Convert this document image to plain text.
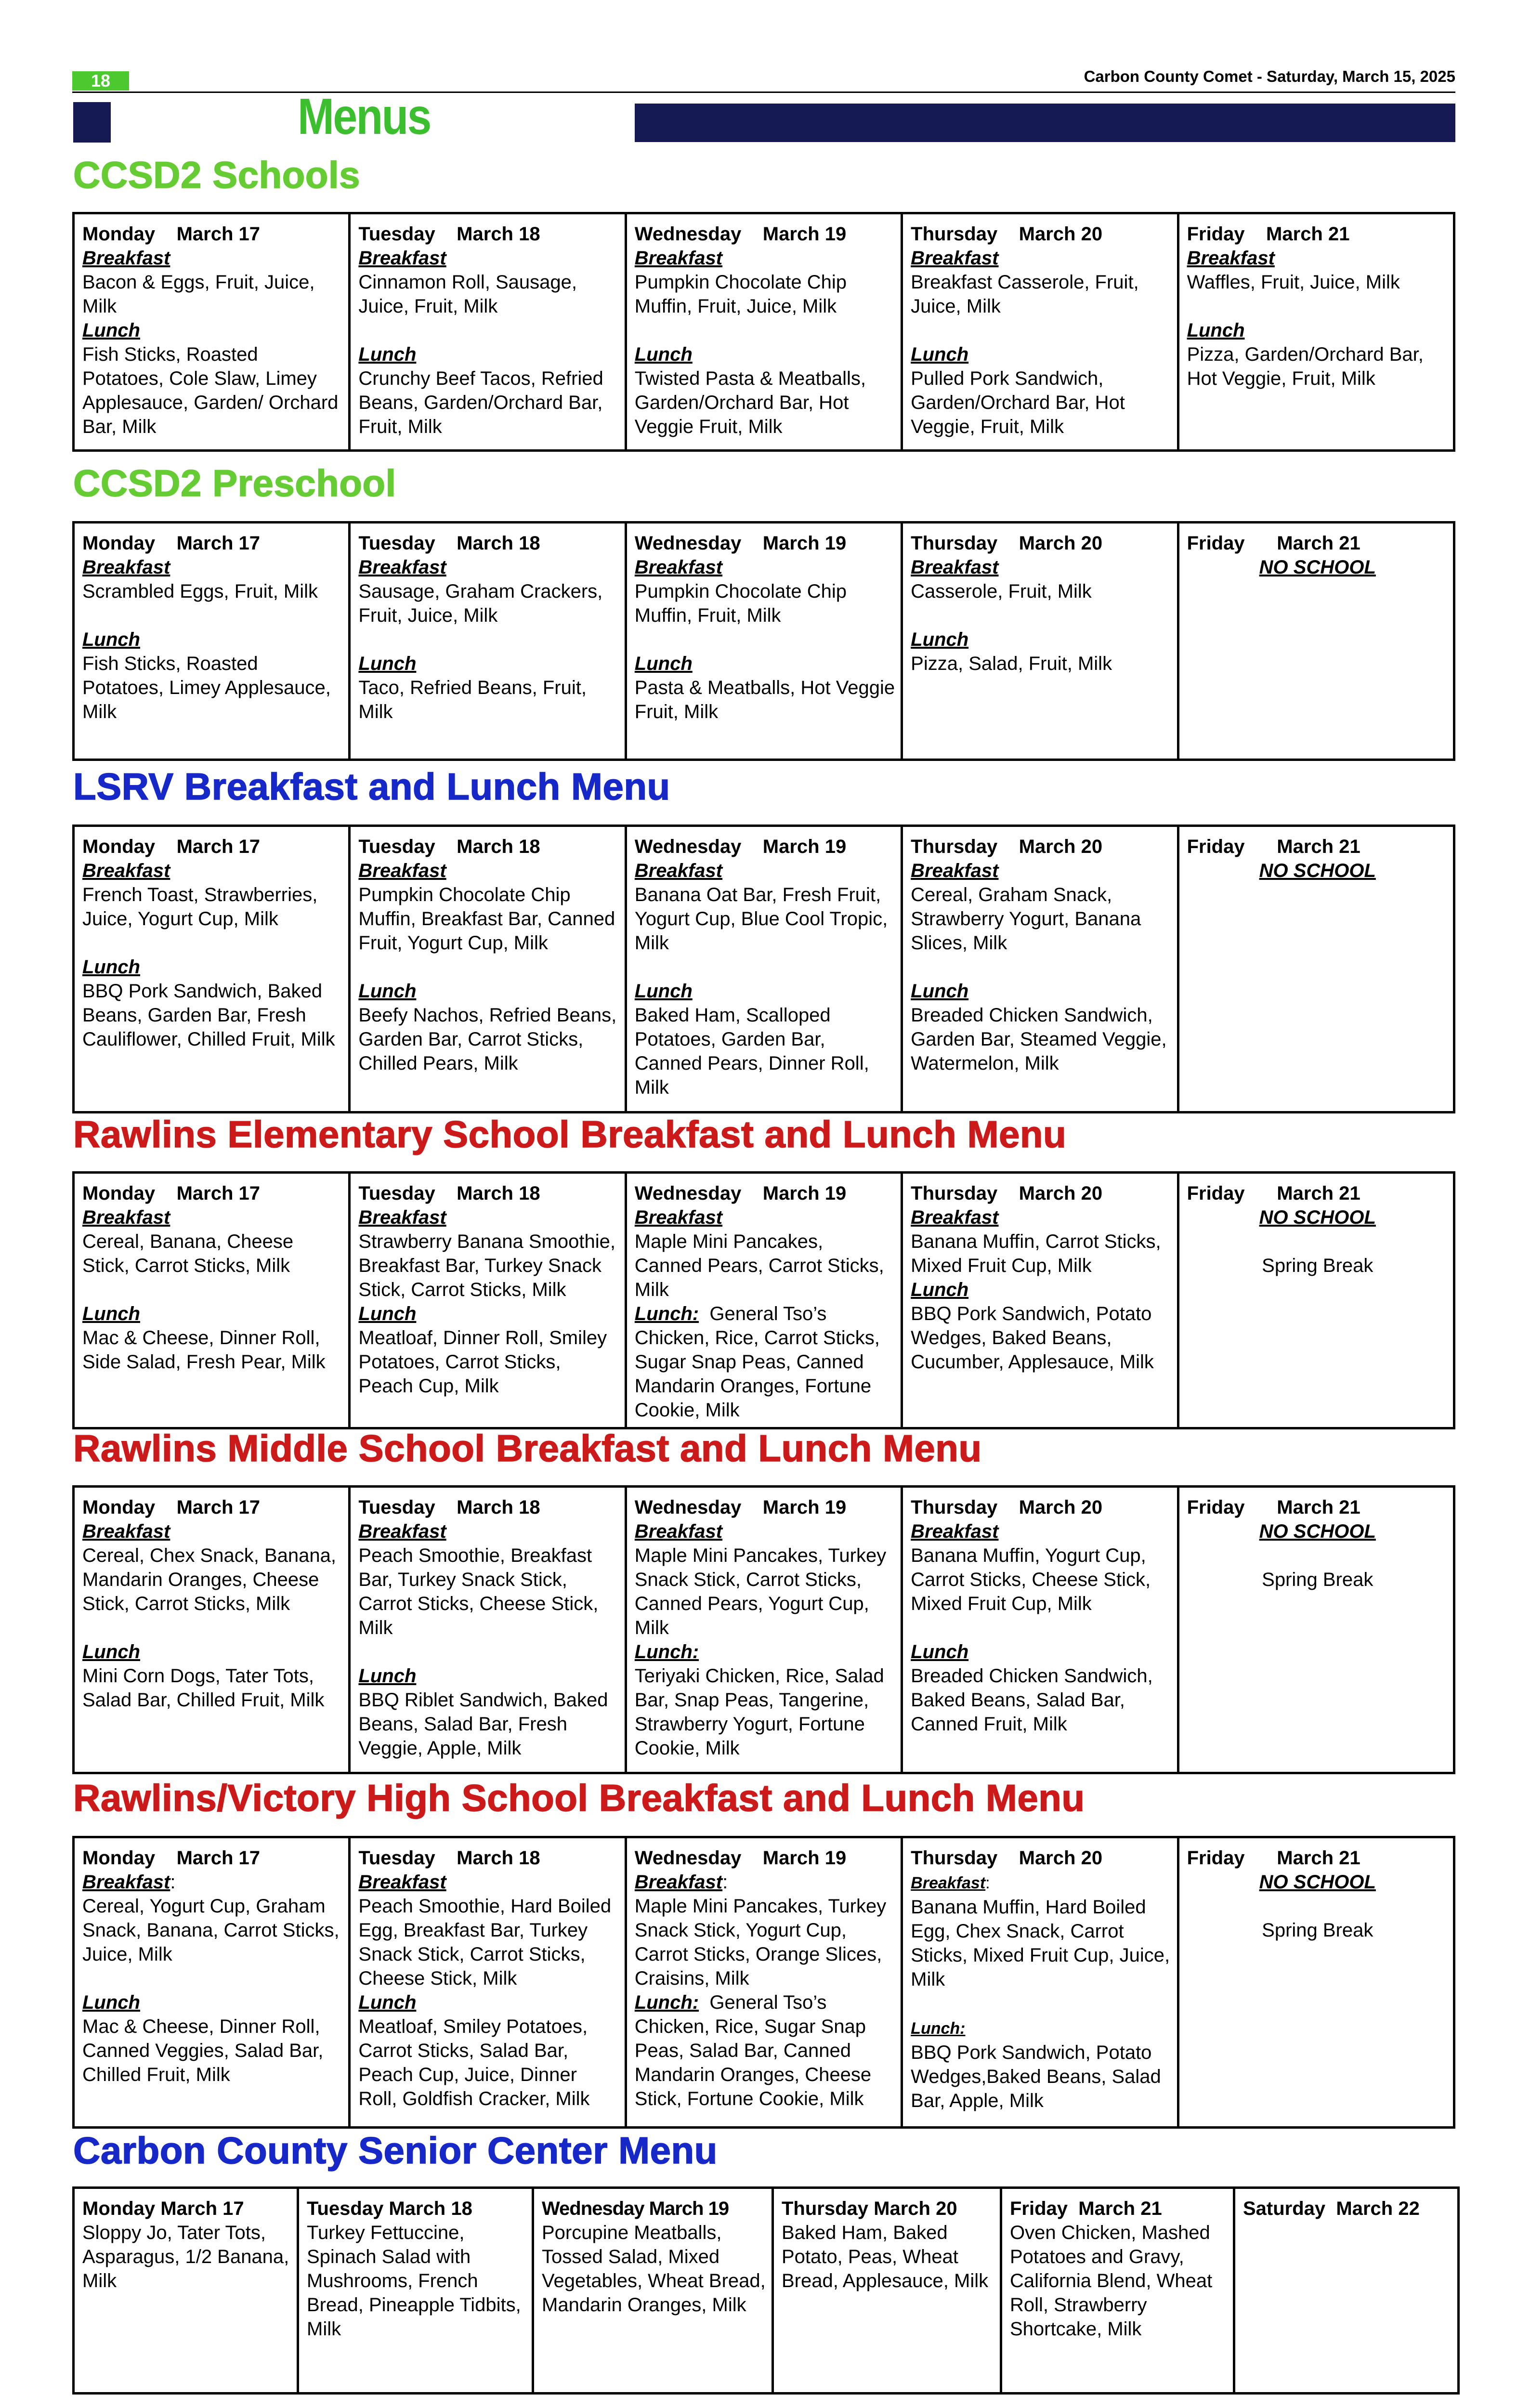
18	Carbon County Comet - Saturday, March 15, 2025
Menus
CCSD2 Schools
Monday    March 17
Breakfast
Bacon & Eggs, Fruit, Juice, Milk
Lunch
Fish Sticks, Roasted Potatoes, Cole Slaw, Limey Applesauce, Garden/ Orchard Bar, Milk	
Tuesday    March 18
Breakfast
Cinnamon Roll, Sausage, Juice, Fruit, Milk
Lunch
Crunchy Beef Tacos, Refried Beans, Garden/Orchard Bar, Fruit, Milk	
Wednesday    March 19
Breakfast
Pumpkin Chocolate Chip Muffin, Fruit, Juice, Milk
Lunch
Twisted Pasta & Meatballs, Garden/Orchard Bar, Hot Veggie Fruit, Milk	
Thursday    March 20
Breakfast
Breakfast Casserole, Fruit, Juice, Milk
Lunch
Pulled Pork Sandwich, Garden/Orchard Bar, Hot Veggie, Fruit, Milk	
Friday    March 21
Breakfast
Waffles, Fruit, Juice, Milk
Lunch
Pizza, Garden/Orchard Bar, Hot Veggie, Fruit, Milk
CCSD2 Preschool
Monday    March 17
Breakfast
Scrambled Eggs, Fruit, Milk
Lunch
Fish Sticks, Roasted Potatoes, Limey Applesauce, Milk	
Tuesday    March 18
Breakfast
Sausage, Graham Crackers, Fruit, Juice, Milk
Lunch
Taco, Refried Beans, Fruit, Milk	
Wednesday    March 19
Breakfast
Pumpkin Chocolate Chip Muffin, Fruit, Milk
Lunch
Pasta & Meatballs, Hot Veggie Fruit, Milk	
Thursday    March 20
Breakfast
Casserole, Fruit, Milk
Lunch
Pizza, Salad, Fruit, Milk	
Friday      March 21
NO SCHOOL
LSRV Breakfast and Lunch Menu
Monday    March 17
Breakfast
French Toast, Strawberries, Juice, Yogurt Cup, Milk
Lunch
BBQ Pork Sandwich, Baked Beans, Garden Bar, Fresh Cauliflower, Chilled Fruit, Milk	
Tuesday    March 18
Breakfast
Pumpkin Chocolate Chip Muffin, Breakfast Bar, Canned Fruit, Yogurt Cup, Milk
Lunch
Beefy Nachos, Refried Beans, Garden Bar, Carrot Sticks, Chilled Pears, Milk	
Wednesday    March 19
Breakfast
Banana Oat Bar, Fresh Fruit, Yogurt Cup, Blue Cool Tropic, Milk
Lunch
Baked Ham, Scalloped Potatoes, Garden Bar, Canned Pears, Dinner Roll, Milk	
Thursday    March 20
Breakfast
Cereal, Graham Snack, Strawberry Yogurt, Banana Slices, Milk
Lunch
Breaded Chicken Sandwich, Garden Bar, Steamed Veggie, Watermelon, Milk	
Friday      March 21
NO SCHOOL
Rawlins Elementary School Breakfast and Lunch Menu
Monday    March 17
Breakfast
Cereal, Banana, Cheese Stick, Carrot Sticks, Milk
Lunch
Mac & Cheese, Dinner Roll, Side Salad, Fresh Pear, Milk	
Tuesday    March 18
Breakfast
Strawberry Banana Smoothie, Breakfast Bar, Turkey Snack Stick, Carrot Sticks, Milk
Lunch
Meatloaf, Dinner Roll, Smiley Potatoes, Carrot Sticks, Peach Cup, Milk	
Wednesday    March 19
Breakfast
Maple Mini Pancakes, Canned Pears, Carrot Sticks, Milk
Lunch: General Tso’s Chicken, Rice, Carrot Sticks, Sugar Snap Peas, Canned Mandarin Oranges, Fortune Cookie, Milk	
Thursday    March 20
Breakfast
Banana Muffin, Carrot Sticks, Mixed Fruit Cup, Milk
Lunch
BBQ Pork Sandwich, Potato Wedges, Baked Beans, Cucumber, Applesauce, Milk	
Friday      March 21
NO SCHOOL
Spring Break
Rawlins Middle School Breakfast and Lunch Menu
Monday    March 17
Breakfast
Cereal, Chex Snack, Banana, Mandarin Oranges, Cheese Stick, Carrot Sticks, Milk
Lunch
Mini Corn Dogs, Tater Tots, Salad Bar, Chilled Fruit, Milk	
Tuesday    March 18
Breakfast
Peach Smoothie, Breakfast Bar, Turkey Snack Stick, Carrot Sticks, Cheese Stick, Milk
Lunch
BBQ Riblet Sandwich, Baked Beans, Salad Bar, Fresh Veggie, Apple, Milk	
Wednesday    March 19
Breakfast
Maple Mini Pancakes, Turkey Snack Stick, Carrot Sticks, Canned Pears, Yogurt Cup, Milk
Lunch:
Teriyaki Chicken, Rice, Salad Bar, Snap Peas, Tangerine, Strawberry Yogurt, Fortune Cookie, Milk	
Thursday    March 20
Breakfast
Banana Muffin, Yogurt Cup, Carrot Sticks, Cheese Stick, Mixed Fruit Cup, Milk
Lunch
Breaded Chicken Sandwich, Baked Beans, Salad Bar, Canned Fruit, Milk	
Friday      March 21
NO SCHOOL
Spring Break
Rawlins/Victory High School Breakfast and Lunch Menu
Monday    March 17
Breakfast:
Cereal, Yogurt Cup, Graham Snack, Banana, Carrot Sticks, Juice, Milk
Lunch
Mac & Cheese, Dinner Roll, Canned Veggies, Salad Bar, Chilled Fruit, Milk	
Tuesday    March 18
Breakfast
Peach Smoothie, Hard Boiled Egg, Breakfast Bar, Turkey Snack Stick, Carrot Sticks, Cheese Stick, Milk
Lunch
Meatloaf, Smiley Potatoes, Carrot Sticks, Salad Bar, Peach Cup, Juice, Dinner Roll, Goldfish Cracker, Milk	
Wednesday    March 19
Breakfast:
Maple Mini Pancakes, Turkey Snack Stick, Yogurt Cup, Carrot Sticks, Orange Slices, Craisins, Milk
Lunch: General Tso’s Chicken, Rice, Sugar Snap Peas, Salad Bar, Canned Mandarin Oranges, Cheese Stick, Fortune Cookie, Milk	
Thursday    March 20
Breakfast:
Banana Muffin, Hard Boiled Egg, Chex Snack, Carrot Sticks, Mixed Fruit Cup, Juice, Milk
Lunch:
BBQ Pork Sandwich, Potato Wedges,Baked Beans, Salad Bar, Apple, Milk	
Friday      March 21
NO SCHOOL
Spring Break
Carbon County Senior Center Menu
Monday March 17
Sloppy Jo, Tater Tots, Asparagus, 1/2 Banana, Milk	
Tuesday March 18
Turkey Fettuccine, Spinach Salad with Mushrooms, French Bread, Pineapple Tidbits, Milk	
Wednesday March 19
Porcupine Meatballs, Tossed Salad, Mixed Vegetables, Wheat Bread, Mandarin Oranges, Milk	
Thursday March 20
Baked Ham, Baked Potato, Peas, Wheat Bread, Applesauce, Milk	
Friday  March 21
Oven Chicken, Mashed Potatoes and Gravy, California Blend, Wheat Roll, Strawberry Shortcake, Milk	
Saturday  March 22
